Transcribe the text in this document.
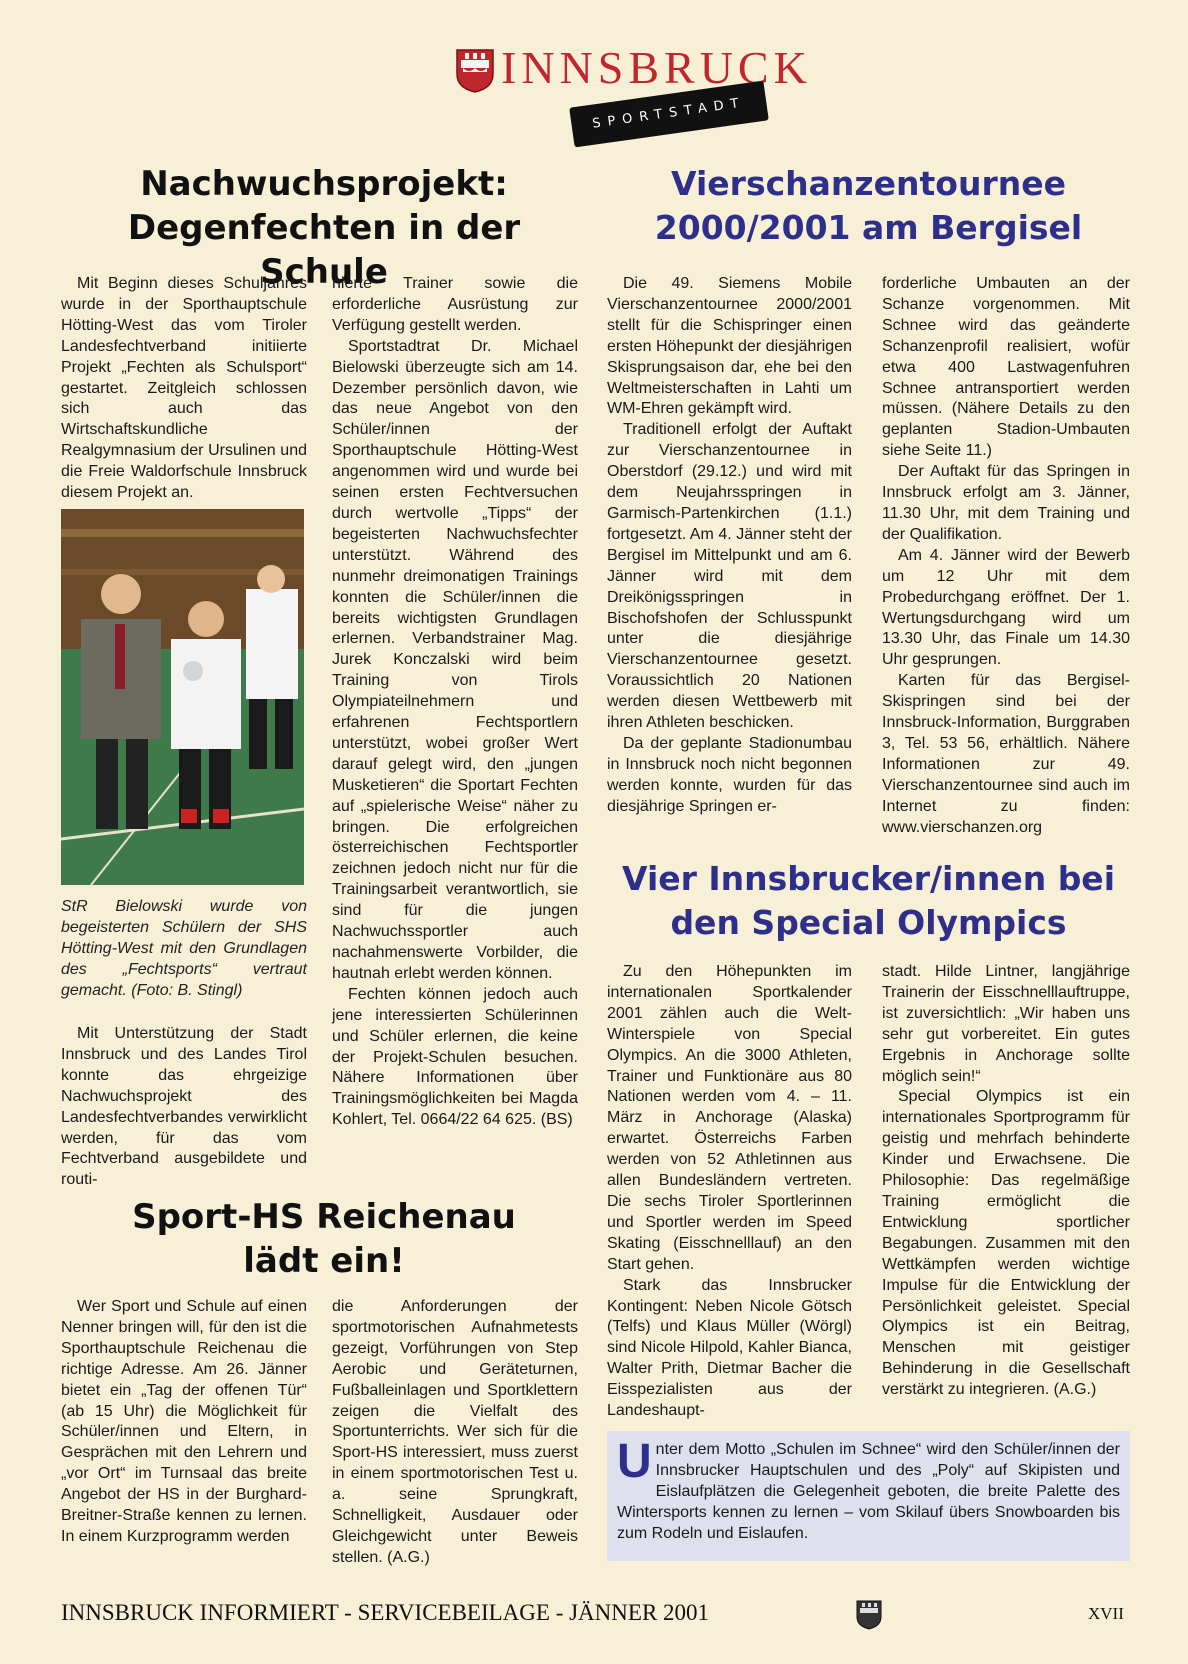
INNSBRUCK
SPORTSTADT
Nachwuchsprojekt:
Degenfechten in der Schule

Mit Beginn dieses Schuljahres wurde in der Sporthauptschule Hötting-West das vom Tiroler Landesfechtverband initiierte Projekt „Fechten als Schulsport“ gestartet. Zeitgleich schlossen sich auch das Wirtschaftskundliche Realgymnasium der Ursulinen und die Freie Waldorfschule Innsbruck diesem Projekt an.

StR Bielowski wurde von begeisterten Schülern der SHS Hötting-West mit den Grundlagen des „Fechtsports“ vertraut gemacht. (Foto: B. Stingl)

Mit Unterstützung der Stadt Innsbruck und des Landes Tirol konnte das ehrgeizige Nachwuchsprojekt des Landesfechtverbandes verwirklicht werden, für das vom Fechtverband ausgebildete und routi-

nierte Trainer sowie die erforderliche Ausrüstung zur Verfügung gestellt werden.

Sportstadtrat Dr. Michael Bielowski überzeugte sich am 14. Dezember persönlich davon, wie das neue Angebot von den Schüler/innen der Sporthauptschule Hötting-West angenommen wird und wurde bei seinen ersten Fechtversuchen durch wertvolle „Tipps“ der begeisterten Nachwuchsfechter unterstützt. Während des nunmehr dreimonatigen Trainings konnten die Schüler/innen die bereits wichtigsten Grundlagen erlernen. Verbandstrainer Mag. Jurek Konczalski wird beim Training von Tirols Olympiateilnehmern und erfahrenen Fechtsportlern unterstützt, wobei großer Wert darauf gelegt wird, den „jungen Musketieren“ die Sportart Fechten auf „spielerische Weise“ näher zu bringen. Die erfolgreichen österreichischen Fechtsportler zeichnen jedoch nicht nur für die Trainingsarbeit verantwortlich, sie sind für die jungen Nachwuchssportler auch nachahmenswerte Vorbilder, die hautnah erlebt werden können.

Fechten können jedoch auch jene interessierten Schülerinnen und Schüler erlernen, die keine der Projekt-Schulen besuchen. Nähere Informationen über Trainingsmöglichkeiten bei Magda Kohlert, Tel. 0664/22 64 625. (BS)

Sport-HS Reichenau
lädt ein!

Wer Sport und Schule auf einen Nenner bringen will, für den ist die Sporthauptschule Reichenau die richtige Adresse. Am 26. Jänner bietet ein „Tag der offenen Tür“ (ab 15 Uhr) die Möglichkeit für Schüler/innen und Eltern, in Gesprächen mit den Lehrern und „vor Ort“ im Turnsaal das breite Angebot der HS in der Burghard-Breitner-Straße kennen zu lernen. In einem Kurzprogramm werden

die Anforderungen der sportmotorischen Aufnahmetests gezeigt, Vorführungen von Step Aerobic und Geräteturnen, Fußballeinlagen und Sportklettern zeigen die Vielfalt des Sportunterrichts. Wer sich für die Sport-HS interessiert, muss zuerst in einem sportmotorischen Test u. a. seine Sprungkraft, Schnelligkeit, Ausdauer oder Gleichgewicht unter Beweis stellen. (A.G.)

Vierschanzentournee
2000/2001 am Bergisel

Die 49. Siemens Mobile Vierschanzentournee 2000/2001 stellt für die Schispringer einen ersten Höhepunkt der diesjährigen Skisprungsaison dar, ehe bei den Weltmeisterschaften in Lahti um WM-Ehren gekämpft wird.

Traditionell erfolgt der Auftakt zur Vierschanzentournee in Oberstdorf (29.12.) und wird mit dem Neujahrsspringen in Garmisch-Partenkirchen (1.1.) fortgesetzt. Am 4. Jänner steht der Bergisel im Mittelpunkt und am 6. Jänner wird mit dem Dreikönigsspringen in Bischofshofen der Schlusspunkt unter die diesjährige Vierschanzentournee gesetzt. Voraussichtlich 20 Nationen werden diesen Wettbewerb mit ihren Athleten beschicken.

Da der geplante Stadionumbau in Innsbruck noch nicht begonnen werden konnte, wurden für das diesjährige Springen er-

forderliche Umbauten an der Schanze vorgenommen. Mit Schnee wird das geänderte Schanzenprofil realisiert, wofür etwa 400 Lastwagenfuhren Schnee antransportiert werden müssen. (Nähere Details zu den geplanten Stadion-Umbauten siehe Seite 11.)

Der Auftakt für das Springen in Innsbruck erfolgt am 3. Jänner, 11.30 Uhr, mit dem Training und der Qualifikation.

Am 4. Jänner wird der Bewerb um 12 Uhr mit dem Probedurchgang eröffnet. Der 1. Wertungsdurchgang wird um 13.30 Uhr, das Finale um 14.30 Uhr gesprungen.

Karten für das Bergisel-Skispringen sind bei der Innsbruck-Information, Burggraben 3, Tel. 53 56, erhältlich. Nähere Informationen zur 49. Vierschanzentournee sind auch im Internet zu finden: www.vierschanzen.org

Vier Innsbrucker/innen bei
den Special Olympics

Zu den Höhepunkten im internationalen Sportkalender 2001 zählen auch die Welt-Winterspiele von Special Olympics. An die 3000 Athleten, Trainer und Funktionäre aus 80 Nationen werden vom 4. – 11. März in Anchorage (Alaska) erwartet. Österreichs Farben werden von 52 Athletinnen aus allen Bundesländern vertreten. Die sechs Tiroler Sportlerinnen und Sportler werden im Speed Skating (Eisschnelllauf) an den Start gehen.

Stark das Innsbrucker Kontingent: Neben Nicole Götsch (Telfs) und Klaus Müller (Wörgl) sind Nicole Hilpold, Kahler Bianca, Walter Prith, Dietmar Bacher die Eisspezialisten aus der Landeshaupt-

stadt. Hilde Lintner, langjährige Trainerin der Eisschnelllauftruppe, ist zuversichtlich: „Wir haben uns sehr gut vorbereitet. Ein gutes Ergebnis in Anchorage sollte möglich sein!“

Special Olympics ist ein internationales Sportprogramm für geistig und mehrfach behinderte Kinder und Erwachsene. Die Philosophie: Das regelmäßige Training ermöglicht die Entwicklung sportlicher Begabungen. Zusammen mit den Wettkämpfen werden wichtige Impulse für die Entwicklung der Persönlichkeit geleistet. Special Olympics ist ein Beitrag, Menschen mit geistiger Behinderung in die Gesellschaft verstärkt zu integrieren. (A.G.)

Unter dem Motto „Schulen im Schnee“ wird den Schüler/innen der Innsbrucker Hauptschulen und des „Poly“ auf Skipisten und Eislaufplätzen die Gelegenheit geboten, die breite Palette des Wintersports kennen zu lernen – vom Skilauf übers Snowboarden bis zum Rodeln und Eislaufen.

INNSBRUCK INFORMIERT - SERVICEBEILAGE - JÄNNER 2001	XVII
